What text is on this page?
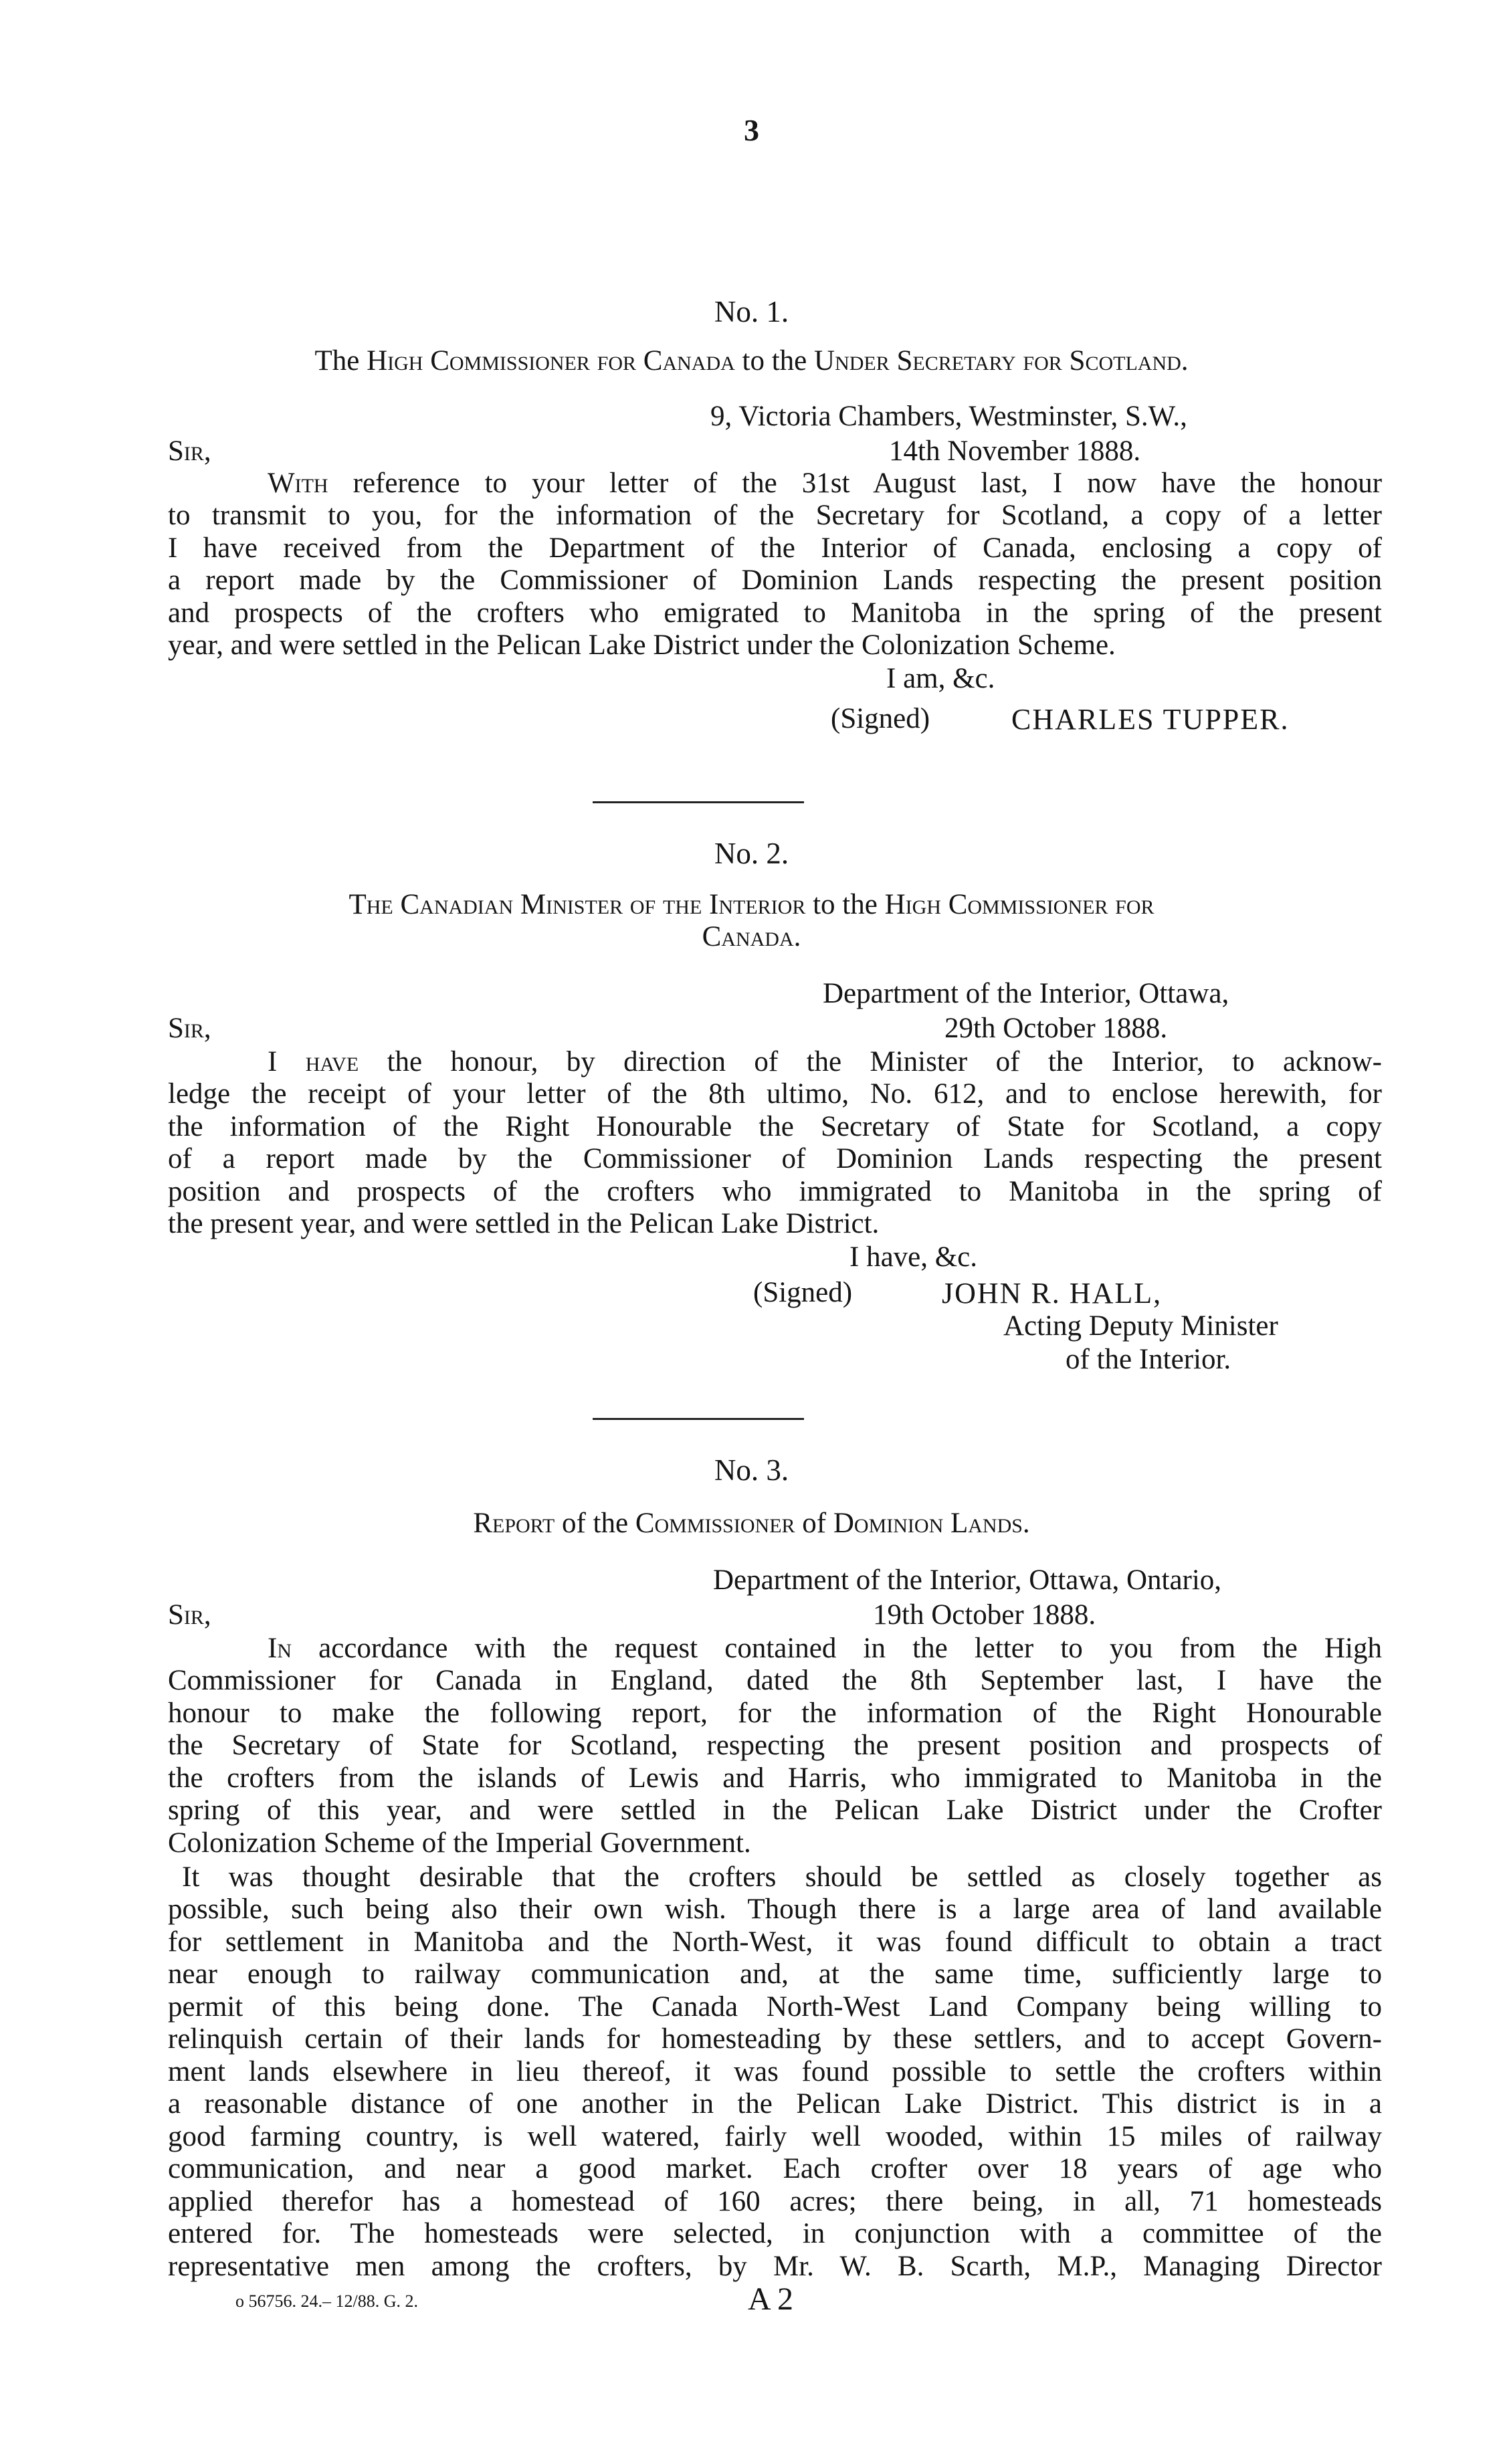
3
No. 1.
The High Commissioner for Canada to the Under Secretary for Scotland.
9, Victoria Chambers, Westminster, S.W.,
Sir,	14th November 1888.
With reference to your letter of the 31st August last, I now have the honour
to transmit to you, for the information of the Secretary for Scotland, a copy of a letter
I have received from the Department of the Interior of Canada, enclosing a copy of
a report made by the Commissioner of Dominion Lands respecting the present position
and prospects of the crofters who emigrated to Manitoba in the spring of the present
year, and were settled in the Pelican Lake District under the Colonization Scheme.
I am, &c.
(Signed)	CHARLES TUPPER.
No. 2.
The Canadian Minister of the Interior to the High Commissioner for
Canada.
Department of the Interior, Ottawa,
Sir,	29th October 1888.
I have the honour, by direction of the Minister of the Interior, to acknow-
ledge the receipt of your letter of the 8th ultimo, No. 612, and to enclose herewith, for
the information of the Right Honourable the Secretary of State for Scotland, a copy
of a report made by the Commissioner of Dominion Lands respecting the present
position and prospects of the crofters who immigrated to Manitoba in the spring of
the present year, and were settled in the Pelican Lake District.
I have, &c.
(Signed)	JOHN R. HALL,
Acting Deputy Minister
of the Interior.
No. 3.
Report of the Commissioner of Dominion Lands.
Department of the Interior, Ottawa, Ontario,
Sir,	19th October 1888.
In accordance with the request contained in the letter to you from the High
Commissioner for Canada in England, dated the 8th September last, I have the
honour to make the following report, for the information of the Right Honourable
the Secretary of State for Scotland, respecting the present position and prospects of
the crofters from the islands of Lewis and Harris, who immigrated to Manitoba in the
spring of this year, and were settled in the Pelican Lake District under the Crofter
Colonization Scheme of the Imperial Government.
It was thought desirable that the crofters should be settled as closely together as
possible, such being also their own wish. Though there is a large area of land available
for settlement in Manitoba and the North-West, it was found difficult to obtain a tract
near enough to railway communication and, at the same time, sufficiently large to
permit of this being done. The Canada North-West Land Company being willing to
relinquish certain of their lands for homesteading by these settlers, and to accept Govern-
ment lands elsewhere in lieu thereof, it was found possible to settle the crofters within
a reasonable distance of one another in the Pelican Lake District. This district is in a
good farming country, is well watered, fairly well wooded, within 15 miles of railway
communication, and near a good market. Each crofter over 18 years of age who
applied therefor has a homestead of 160 acres; there being, in all, 71 homesteads
entered for. The homesteads were selected, in conjunction with a committee of the
representative men among the crofters, by Mr. W. B. Scarth, M.P., Managing Director
o 56756. 24.– 12/88. G. 2.	A 2
